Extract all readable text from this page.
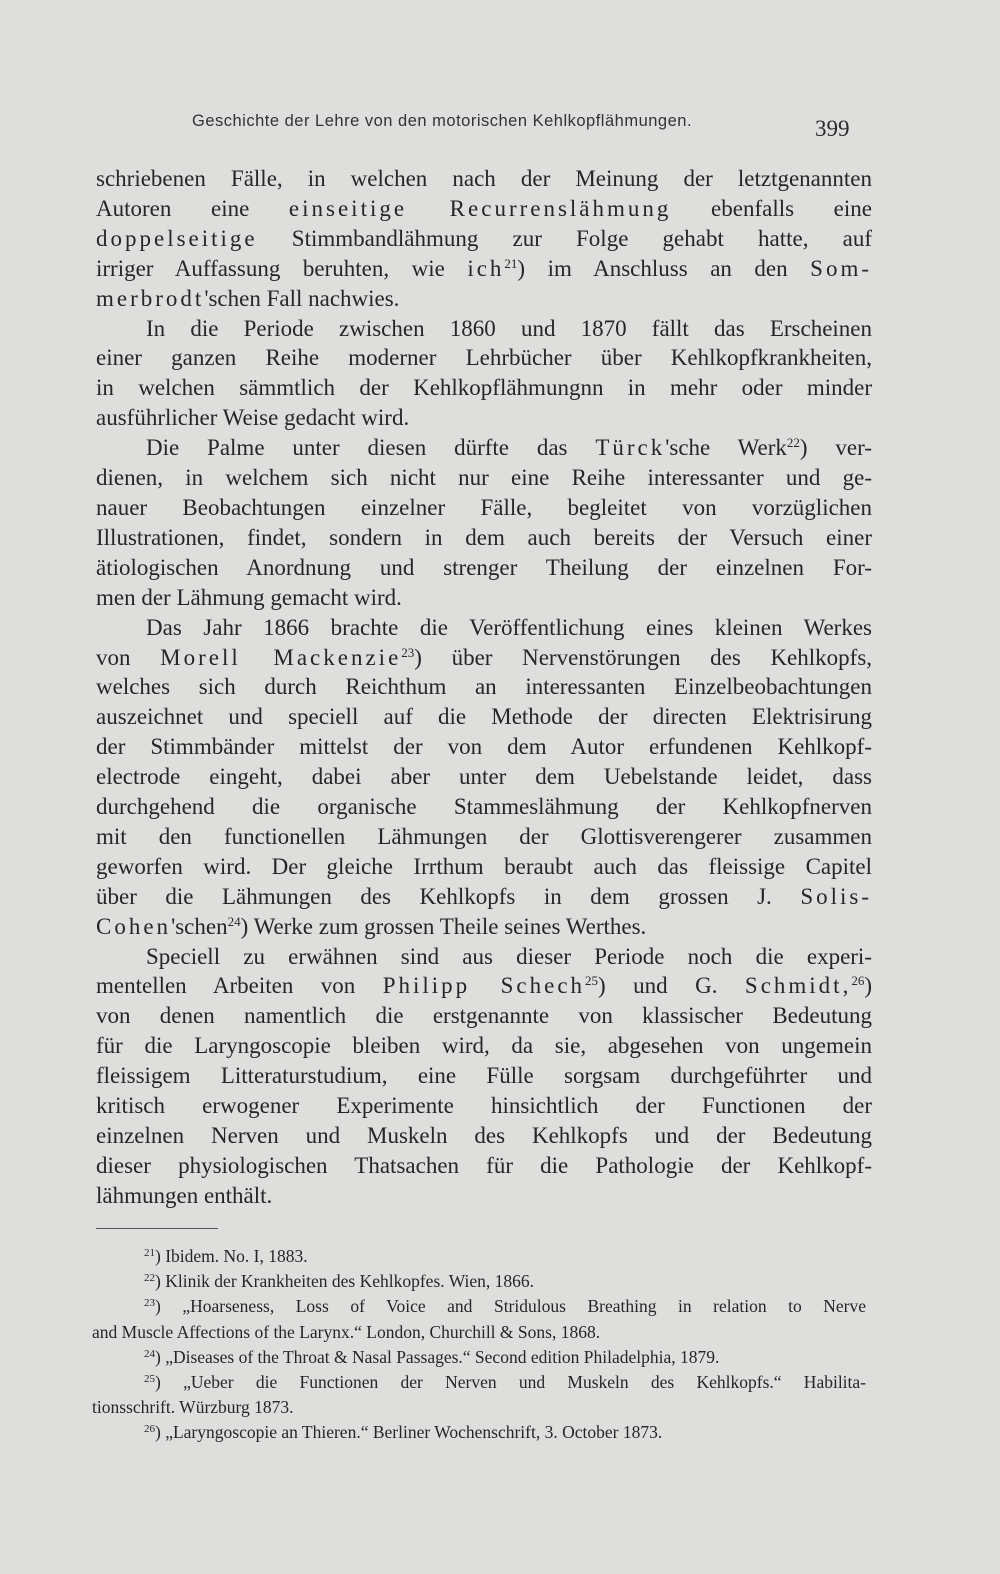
Geschichte der Lehre von den motorischen Kehlkopflähmungen.	399
schriebenen Fälle, in welchen nach der Meinung der letztgenannten
Autoren eine einseitige Recurrenslähmung ebenfalls eine
doppelseitige Stimmbandlähmung zur Folge gehabt hatte, auf
irriger Auffassung beruhten, wie ich$^{21}$) im Anschluss an den Som-
merbrodt'schen Fall nachwies.
In die Periode zwischen 1860 und 1870 fällt das Erscheinen
einer ganzen Reihe moderner Lehrbücher über Kehlkopfkrankheiten,
in welchen sämmtlich der Kehlkopflähmungnn in mehr oder minder
ausführlicher Weise gedacht wird.
Die Palme unter diesen dürfte das Türck'sche Werk$^{22}$) ver-
dienen, in welchem sich nicht nur eine Reihe interessanter und ge-
nauer Beobachtungen einzelner Fälle, begleitet von vorzüglichen
Illustrationen, findet, sondern in dem auch bereits der Versuch einer
ätiologischen Anordnung und strenger Theilung der einzelnen For-
men der Lähmung gemacht wird.
Das Jahr 1866 brachte die Veröffentlichung eines kleinen Werkes
von Morell Mackenzie$^{23}$) über Nervenstörungen des Kehlkopfs,
welches sich durch Reichthum an interessanten Einzelbeobachtungen
auszeichnet und speciell auf die Methode der directen Elektrisirung
der Stimmbänder mittelst der von dem Autor erfundenen Kehlkopf-
electrode eingeht, dabei aber unter dem Uebelstande leidet, dass
durchgehend die organische Stammeslähmung der Kehlkopfnerven
mit den functionellen Lähmungen der Glottisverengerer zusammen
geworfen wird. Der gleiche Irrthum beraubt auch das fleissige Capitel
über die Lähmungen des Kehlkopfs in dem grossen J. Solis-
Cohen'schen$^{24}$) Werke zum grossen Theile seines Werthes.
Speciell zu erwähnen sind aus dieser Periode noch die experi-
mentellen Arbeiten von Philipp Schech$^{25}$) und G. Schmidt,$^{26}$)
von denen namentlich die erstgenannte von klassischer Bedeutung
für die Laryngoscopie bleiben wird, da sie, abgesehen von ungemein
fleissigem Litteraturstudium, eine Fülle sorgsam durchgeführter und
kritisch erwogener Experimente hinsichtlich der Functionen der
einzelnen Nerven und Muskeln des Kehlkopfs und der Bedeutung
dieser physiologischen Thatsachen für die Pathologie der Kehlkopf-
lähmungen enthält.
$^{21}$) Ibidem. No. I, 1883.
$^{22}$) Klinik der Krankheiten des Kehlkopfes. Wien, 1866.
$^{23}$) „Hoarseness, Loss of Voice and Stridulous Breathing in relation to Nerve
and Muscle Affections of the Larynx.“ London, Churchill & Sons, 1868.
$^{24}$) „Diseases of the Throat & Nasal Passages.“ Second edition Philadelphia, 1879.
$^{25}$) „Ueber die Functionen der Nerven und Muskeln des Kehlkopfs.“ Habilita-
tionsschrift. Würzburg 1873.
$^{26}$) „Laryngoscopie an Thieren.“ Berliner Wochenschrift, 3. October 1873.
